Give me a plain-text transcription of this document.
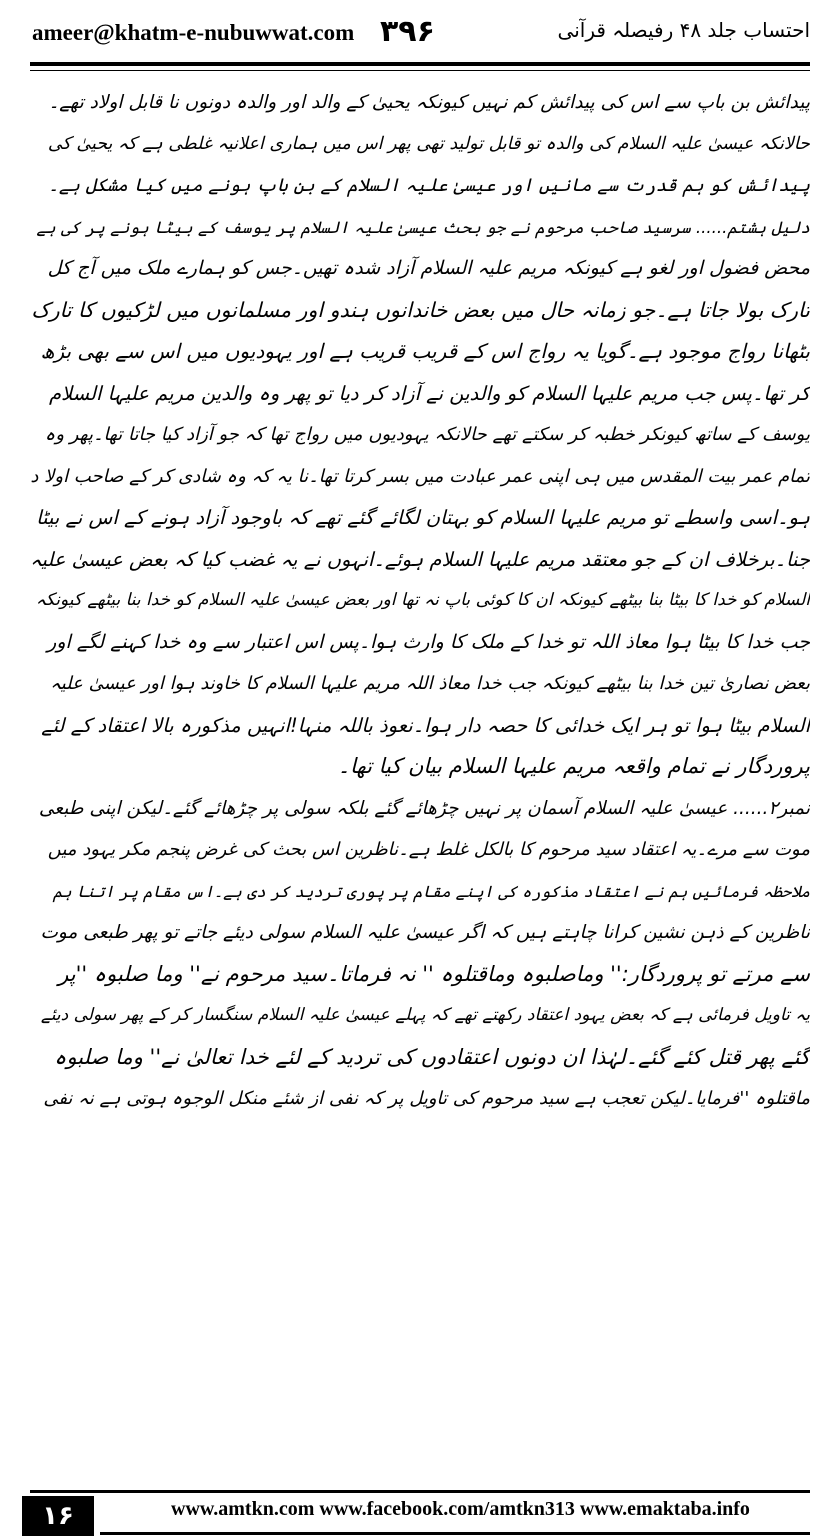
ameer@khatm-e-nubuwwat.com ۳۹۶	احتساب جلد ۴۸ رفیصلہ قرآنی
پیدائش بن باپ سے اس کی پیدائش کم نہیں کیونکہ یحییٰ کے والد اور والدہ دونوں نا قابل اولاد تھے۔
حالانکہ عیسیٰ علیہ السلام کی والدہ تو قابل تولید تھی پھر اس میں ہماری اعلانیہ غلطی ہے کہ یحییٰ کی
پیدائش کو ہم قدرت سے مانیں اور عیسیٰ علیہ السلام کے بن باپ ہونے میں کیا مشکل ہے۔
دلیل ہشتم...... سرسید صاحب مرحوم نے جو بحث عیسیٰ علیہ السلام پر یوسف کے بیٹا ہونے پر کی ہے
محض فضول اور لغو ہے کیونکہ مریم علیہ السلام آزاد شدہ تھیں۔جس کو ہمارے ملک میں آج کل
تارک بولا جاتا ہے۔جو زمانہ حال میں بعض خاندانوں ہندو اور مسلمانوں میں لڑکیوں کا تارک
بٹھانا رواج موجود ہے۔گویا یہ رواج اس کے قریب قریب ہے اور یہودیوں میں اس سے بھی بڑھ
کر تھا۔پس جب مریم علیہا السلام کو والدین نے آزاد کر دیا تو پھر وہ والدین مریم علیہا السلام
یوسف کے ساتھ کیونکر خطبہ کر سکتے تھے حالانکہ یہودیوں میں رواج تھا کہ جو آزاد کیا جاتا تھا۔پھر وہ
تمام عمر بیت المقدس میں ہی اپنی عمر عبادت میں بسر کرتا تھا۔نا یہ کہ وہ شادی کر کے صاحب اولا د
ہو۔اسی واسطے تو مریم علیہا السلام کو بہتان لگائے گئے تھے کہ باوجود آزاد ہونے کے اس نے بیٹا
جنا۔برخلاف ان کے جو معتقد مریم علیہا السلام ہوئے۔انہوں نے یہ غضب کیا کہ بعض عیسیٰ علیہ
السلام کو خدا کا بیٹا بنا بیٹھے کیونکہ ان کا کوئی باپ نہ تھا اور بعض عیسیٰ علیہ السلام کو خدا بنا بیٹھے کیونکہ
جب خدا کا بیٹا ہوا معاذ اللہ تو خدا کے ملک کا وارث ہوا۔پس اس اعتبار سے وہ خدا کہنے لگے اور
بعض نصاریٰ تین خدا بنا بیٹھے کیونکہ جب خدا معاذ اللہ مریم علیہا السلام کا خاوند ہوا اور عیسیٰ علیہ
السلام بیٹا ہوا تو ہر ایک خدائی کا حصہ دار ہوا۔نعوذ باللہ منہا!انہیں مذکورہ بالا اعتقاد کے لئے
پروردگار نے تمام واقعہ مریم علیہا السلام بیان کیا تھا۔
نمبر۲...... عیسیٰ علیہ السلام آسمان پر نہیں چڑھائے گئے بلکہ سولی پر چڑھائے گئے۔لیکن اپنی طبعی
موت سے مرے۔یہ اعتقاد سید مرحوم کا بالکل غلط ہے۔ناظرین اس بحث کی غرض پنجم مکر یہود میں
ملاحظہ فرمائیں ہم نے اعتقاد مذکورہ کی اپنے مقام پر پوری تردید کر دی ہے۔اس مقام پر اتنا ہم
ناظرین کے ذہن نشین کرانا چاہتے ہیں کہ اگر عیسیٰ علیہ السلام سولی دیئے جاتے تو پھر طبعی موت
سے مرتے تو پروردگار:'' وماصلبوہ وماقتلوہ '' نہ فرماتا۔سید مرحوم نے'' وما صلبوہ ''پر
یہ تاویل فرمائی ہے کہ بعض یہود اعتقاد رکھتے تھے کہ پہلے عیسیٰ علیہ السلام سنگسار کر کے پھر سولی دیئے
گئے پھر قتل کئے گئے۔لہٰذا ان دونوں اعتقادوں کی تردید کے لئے خدا تعالیٰ نے'' وما صلبوہ
ماقتلوہ ''فرمایا۔لیکن تعجب ہے سید مرحوم کی تاویل پر کہ نفی از شئے منکل الوجوہ ہوتی ہے نہ نفی
۱۶	www.amtkn.com www.facebook.com/amtkn313 www.emaktaba.info
